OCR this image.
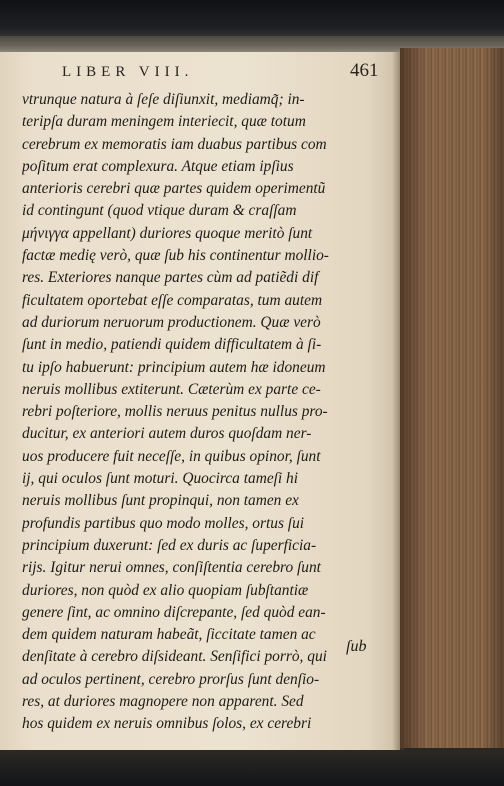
LIBER VIII.	461
vtrunque natura à ſeſe diſiunxit, mediamq̃; in-
teripſa duram meningem interiecit, quæ totum
cerebrum ex memoratis iam duabus partibus com
poſitum erat complexura. Atque etiam ipſius
anterioris cerebri quæ partes quidem operimentũ
id contingunt (quod vtique duram & craſſam
μήνιγγα appellant) duriores quoque meritò ſunt
factæ medię verò, quæ ſub his continentur mollio-
res. Exteriores nanque partes cùm ad patiẽdi dif
ficultatem oportebat eſſe comparatas, tum autem
ad duriorum neruorum productionem. Quæ verò
ſunt in medio, patiendi quidem difficultatem à ſi-
tu ipſo habuerunt: principium autem hæ idoneum
neruis mollibus extiterunt. Cæterùm ex parte ce-
rebri poſteriore, mollis neruus penitus nullus pro-
ducitur, ex anteriori autem duros quoſdam ner-
uos producere fuit neceſſe, in quibus opinor, ſunt
ij, qui oculos ſunt moturi. Quocirca tameſi hi
neruis mollibus ſunt propinqui, non tamen ex
profundis partibus quo modo molles, ortus ſui
principium duxerunt: ſed ex duris ac ſuperficia-
rijs. Igitur nerui omnes, conſiſtentia cerebro ſunt
duriores, non quòd ex alio quopiam ſubſtantiæ
genere ſint, ac omnino diſcrepante, ſed quòd ean-
dem quidem naturam habeãt, ſiccitate tamen ac
denſitate à cerebro diſsideant. Senſifici porrò, qui
ad oculos pertinent, cerebro prorſus ſunt denſio-
res, at duriores magnopere non apparent. Sed
hos quidem ex neruis omnibus ſolos, ex cerebri
ſub
